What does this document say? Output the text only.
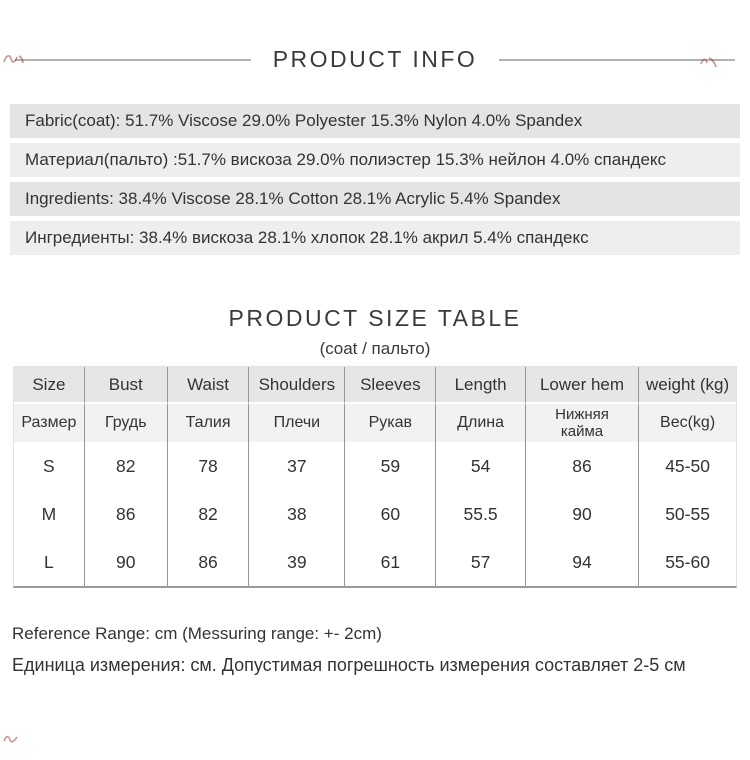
PRODUCT INFO
Fabric(coat): 51.7% Viscose 29.0% Polyester 15.3% Nylon 4.0% Spandex
Материал(пальто) :51.7% вискоза 29.0% полиэстер 15.3% нейлон 4.0% спандекс
Ingredients: 38.4% Viscose 28.1% Cotton 28.1% Acrylic 5.4% Spandex
Ингредиенты: 38.4% вискоза 28.1% хлопок 28.1% акрил 5.4% спандекс
PRODUCT SIZE TABLE
(coat / пальто)
Size	Bust	Waist	Shoulders	Sleeves	Length	Lower hem	weight (kg)
Размер	Грудь	Талия	Плечи	Рукав	Длина	Нижняя кайма	Вес(kg)
S	82	78	37	59	54	86	45-50
M	86	82	38	60	55.5	90	50-55
L	90	86	39	61	57	94	55-60
Reference Range: cm (Messuring range: +- 2cm)
Единица измерения: см. Допустимая погрешность измерения составляет 2-5 см
